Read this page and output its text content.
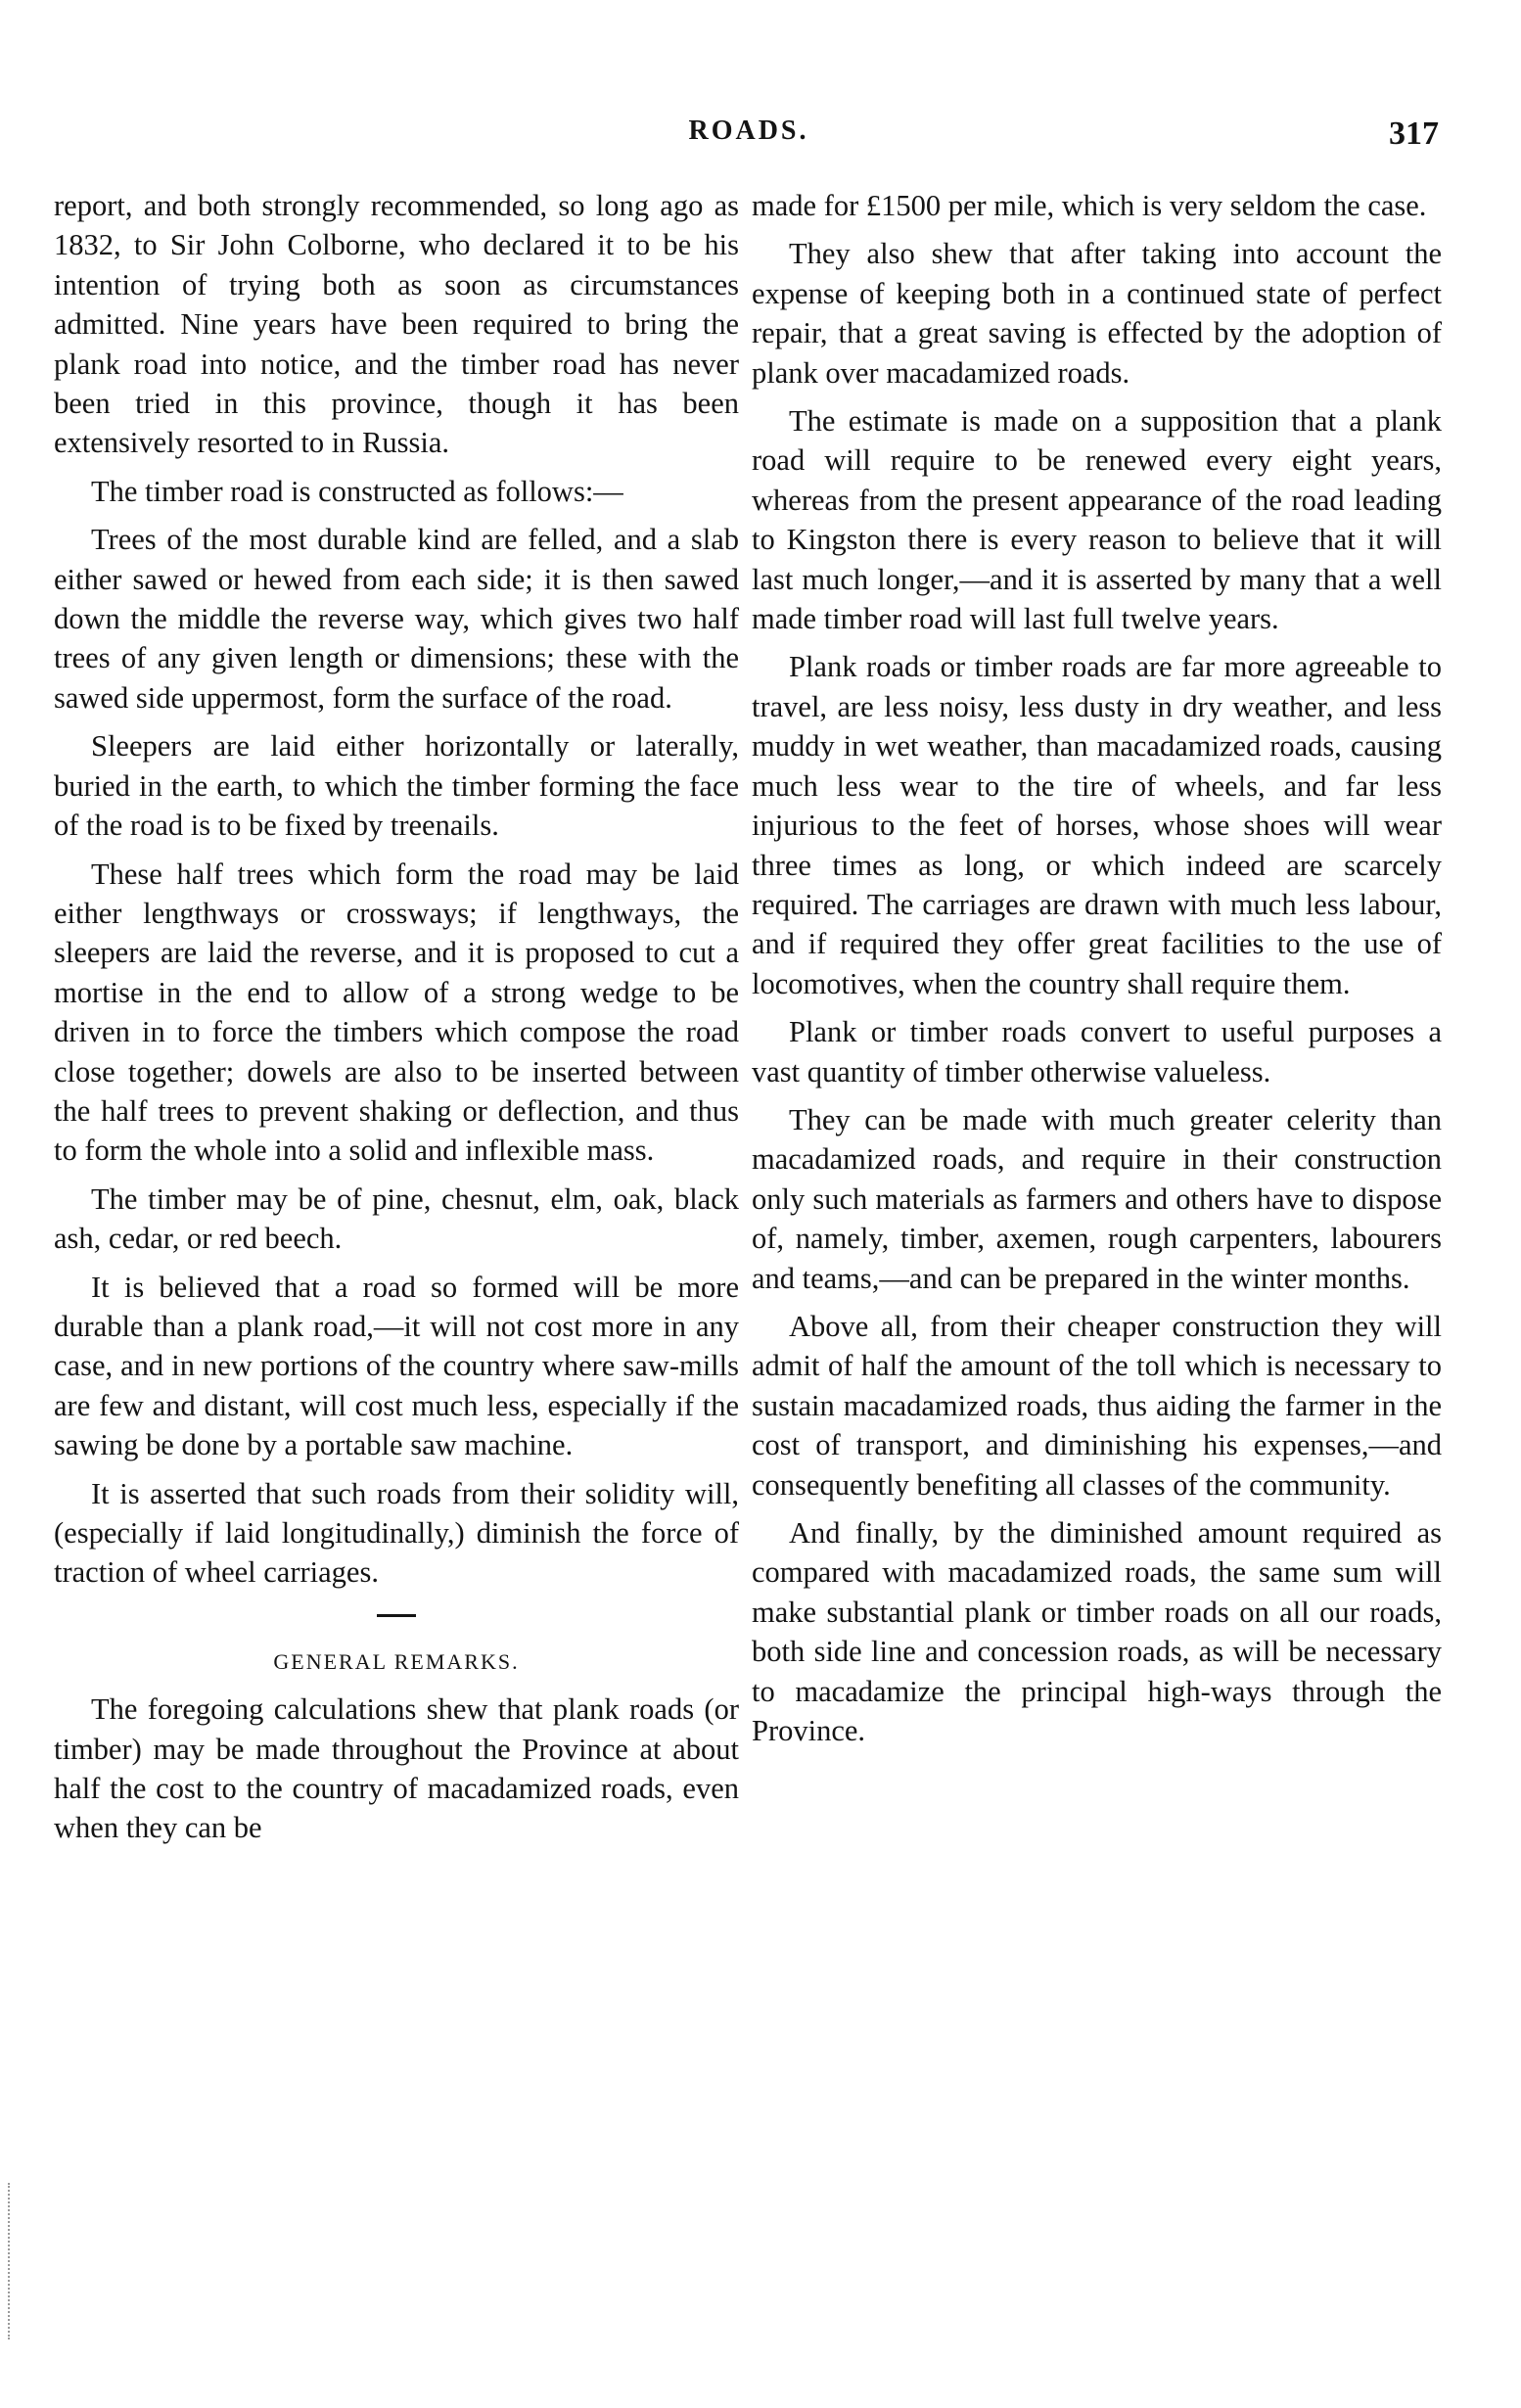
ROADS.	317

report, and both strongly recommended, so long ago as 1832, to Sir John Colborne, who declared it to be his intention of trying both as soon as circumstances admitted. Nine years have been required to bring the plank road into notice, and the timber road has never been tried in this province, though it has been extensively resorted to in Russia.

The timber road is constructed as follows:—

Trees of the most durable kind are felled, and a slab either sawed or hewed from each side; it is then sawed down the middle the reverse way, which gives two half trees of any given length or dimensions; these with the sawed side uppermost, form the surface of the road.

Sleepers are laid either horizontally or laterally, buried in the earth, to which the timber forming the face of the road is to be fixed by treenails.

These half trees which form the road may be laid either lengthways or crossways; if lengthways, the sleepers are laid the reverse, and it is proposed to cut a mortise in the end to allow of a strong wedge to be driven in to force the timbers which compose the road close together; dowels are also to be inserted between the half trees to prevent shaking or deflection, and thus to form the whole into a solid and inflexible mass.

The timber may be of pine, chesnut, elm, oak, black ash, cedar, or red beech.

It is believed that a road so formed will be more durable than a plank road,—it will not cost more in any case, and in new portions of the country where saw-mills are few and distant, will cost much less, especially if the sawing be done by a portable saw machine.

It is asserted that such roads from their solidity will, (especially if laid longitudinally,) diminish the force of traction of wheel carriages.

GENERAL REMARKS.

The foregoing calculations shew that plank roads (or timber) may be made throughout the Province at about half the cost to the country of macadamized roads, even when they can be

made for £1500 per mile, which is very seldom the case.

They also shew that after taking into account the expense of keeping both in a continued state of perfect repair, that a great saving is effected by the adoption of plank over macadamized roads.

The estimate is made on a supposition that a plank road will require to be renewed every eight years, whereas from the present appearance of the road leading to Kingston there is every reason to believe that it will last much longer,—and it is asserted by many that a well made timber road will last full twelve years.

Plank roads or timber roads are far more agreeable to travel, are less noisy, less dusty in dry weather, and less muddy in wet weather, than macadamized roads, causing much less wear to the tire of wheels, and far less injurious to the feet of horses, whose shoes will wear three times as long, or which indeed are scarcely required. The carriages are drawn with much less labour, and if required they offer great facilities to the use of locomotives, when the country shall require them.

Plank or timber roads convert to useful purposes a vast quantity of timber otherwise valueless.

They can be made with much greater celerity than macadamized roads, and require in their construction only such materials as farmers and others have to dispose of, namely, timber, axemen, rough carpenters, labourers and teams,—and can be prepared in the winter months.

Above all, from their cheaper construction they will admit of half the amount of the toll which is necessary to sustain macadamized roads, thus aiding the farmer in the cost of transport, and diminishing his expenses,—and consequently benefiting all classes of the community.

And finally, by the diminished amount required as compared with macadamized roads, the same sum will make substantial plank or timber roads on all our roads, both side line and concession roads, as will be necessary to macadamize the principal high-ways through the Province.
